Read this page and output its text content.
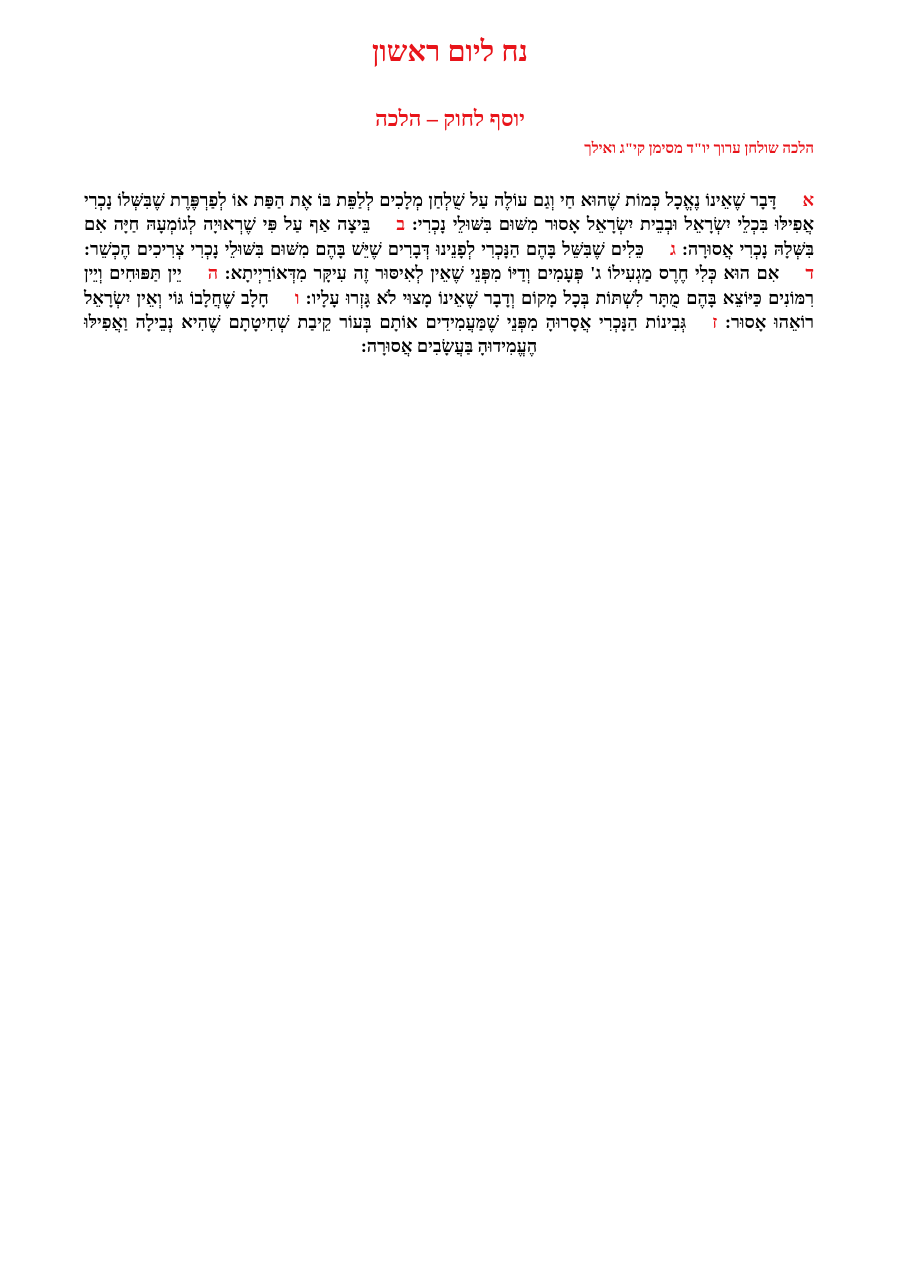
נח ליום ראשון
יוסף לחוק – הלכה
הלכה שולחן ערוך יו"ד מסימן קי"ג ואילך

אדָּבָר שֶׁאֵינוֹ נֶאֱכָל כְּמוֹת שֶׁהוּא חַי וְגַם עוֹלֶה עַל שֻׁלְחַן מְלָכִים לְלַפֵּת בּוֹ אֶת הַפַּת אוֹ לְפַרְפֶּרֶת שֶׁבִּשְּׁלוֹ נָכְרִי אֲפִילּוּ בִּכְלֵי יִשְׂרָאֵל וּבְבֵית יִשְׂרָאֵל אָסוּר מִשּׁוּם בִּשּׁוּלֵי נָכְרִי: בבֵּיצָה אַף עַל פִּי שֶׁרְאוּיָה לְגוֹמְעָהּ חַיָּה אִם בִּשְּׁלָהּ נָכְרִי אֲסוּרָה: גכֵּלִים שֶׁבִּשֵּׁל בָּהֶם הַנָּכְרִי לְפָנֵינוּ דְּבָרִים שֶׁיֵּשׁ בָּהֶם מִשּׁוּם בִּשּׁוּלֵי נָכְרִי צְרִיכִים הֶכְשֵׁר: דאִם הוּא כְּלִי חֶרֶס מַגְעִילוֹ ג' פְּעָמִים וְדַיּוֹ מִפְּנֵי שֶׁאֵין לְאִיסּוּר זֶה עִיקָּר מִדְּאוֹרַיְיתָא: היֵין תַּפּוּחִים וְיֵין רִמּוֹנִים כַּיּוֹצֵא בָּהֶם מֻתָּר לִשְׁתּוֹת בְּכָל מָקוֹם וְדָבָר שֶׁאֵינוֹ מָצוּי לֹא גָּזְרוּ עָלָיו: וחָלָב שֶׁחֲלָבוֹ גּוֹי וְאֵין יִשְׂרָאֵל רוֹאֵהוּ אָסוּר: זגְּבִינוֹת הַנָּכְרִי אֲסָרוּהָ מִפְּנֵי שֶׁמַּעֲמִידִים אוֹתָם בְּעוֹר קֵיבַת שְׁחִיטָתָם שֶׁהִיא נְבֵילָה וַאֲפִילּוּ הֶעֱמִידוּהָ בַּעֲשָׂבִים אֲסוּרָה:
